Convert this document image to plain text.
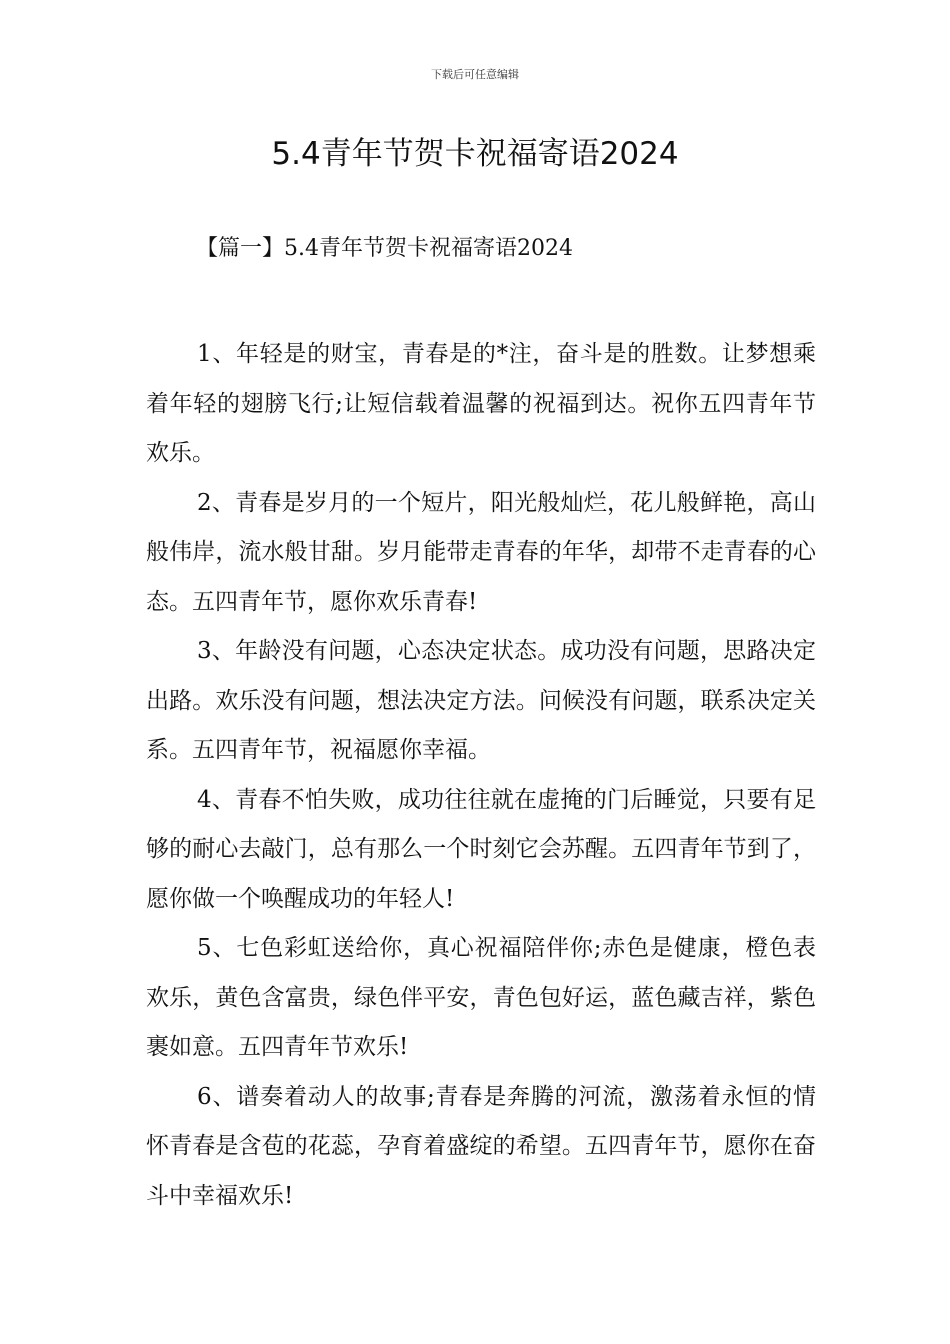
下载后可任意编辑
5.4青年节贺卡祝福寄语2024
【篇一】5.4青年节贺卡祝福寄语2024

1、年轻是的财宝，青春是的*注，奋斗是的胜数。让梦想乘着年轻的翅膀飞行;让短信载着温馨的祝福到达。祝你五四青年节欢乐。

2、青春是岁月的一个短片，阳光般灿烂，花儿般鲜艳，高山般伟岸，流水般甘甜。岁月能带走青春的年华，却带不走青春的心态。五四青年节，愿你欢乐青春!

3、年龄没有问题，心态决定状态。成功没有问题，思路决定出路。欢乐没有问题，想法决定方法。问候没有问题，联系决定关系。五四青年节，祝福愿你幸福。

4、青春不怕失败，成功往往就在虚掩的门后睡觉，只要有足够的耐心去敲门，总有那么一个时刻它会苏醒。五四青年节到了，愿你做一个唤醒成功的年轻人!

5、七色彩虹送给你，真心祝福陪伴你;赤色是健康，橙色表欢乐，黄色含富贵，绿色伴平安，青色包好运，蓝色藏吉祥，紫色裹如意。五四青年节欢乐!

6、谱奏着动人的故事;青春是奔腾的河流，激荡着永恒的情怀青春是含苞的花蕊，孕育着盛绽的希望。五四青年节，愿你在奋斗中幸福欢乐!
